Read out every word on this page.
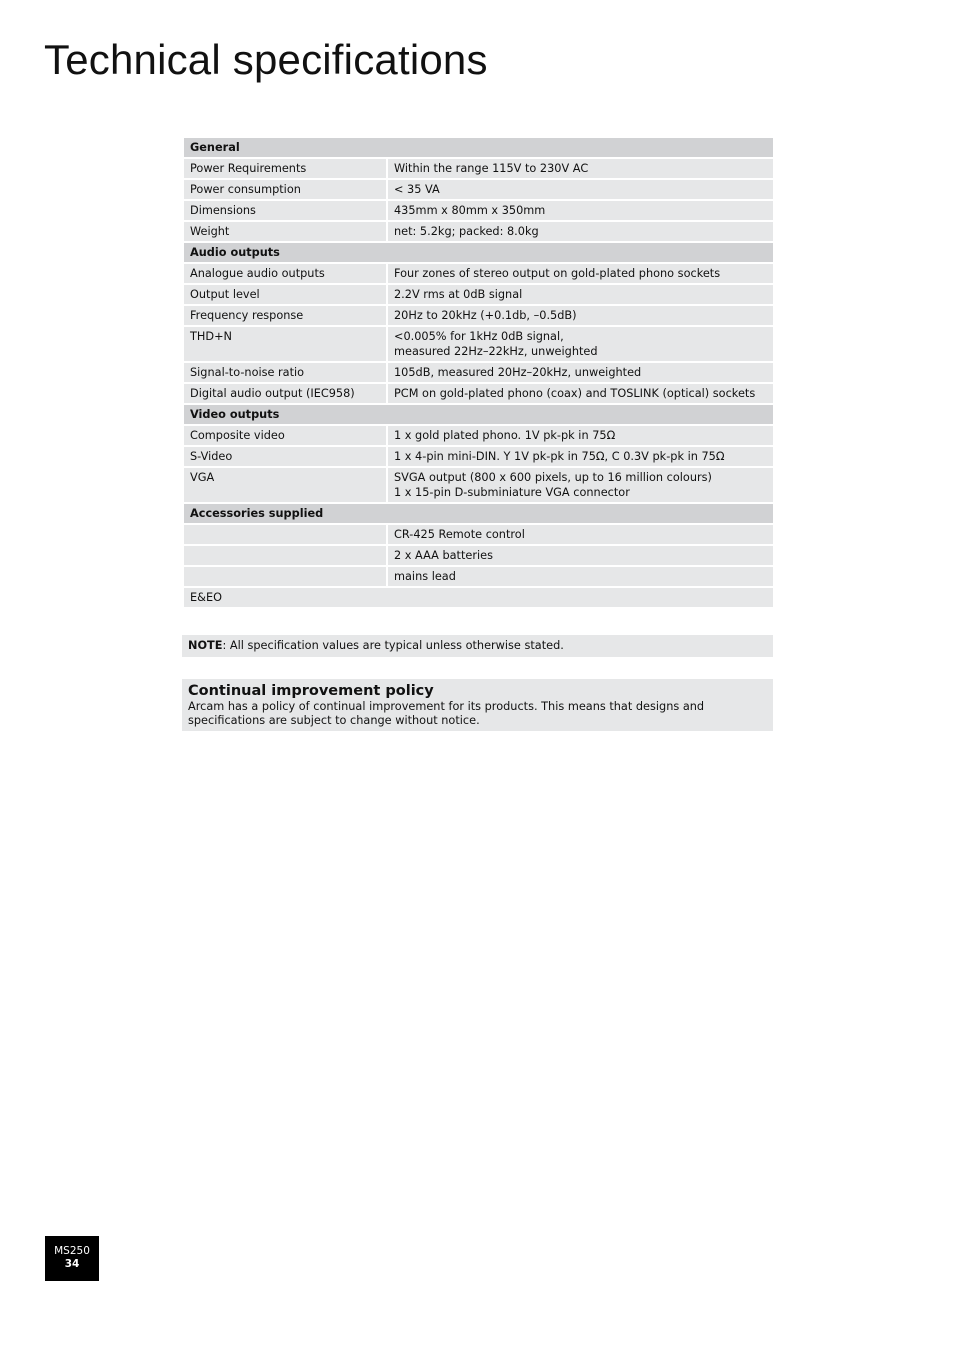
Technical specifications
General	
Power Requirements	Within the range 115V to 230V AC

Power consumption	< 35 VA

Dimensions	435mm x 80mm x 350mm

Weight	net: 5.2kg; packed: 8.0kg

Audio outputs	
Analogue audio outputs	Four zones of stereo output on gold-plated phono sockets

Output level	2.2V rms at 0dB signal

Frequency response	20Hz to 20kHz (+0.1db, –0.5dB)

THD+N	<0.005% for 1kHz 0dB signal,
measured 22Hz–22kHz, unweighted

Signal-to-noise ratio	105dB, measured 20Hz–20kHz, unweighted

Digital audio output (IEC958)	PCM on gold-plated phono (coax) and TOSLINK (optical) sockets

Video outputs	
Composite video	1 x gold plated phono. 1V pk-pk in 75Ω

S-Video	1 x 4-pin mini-DIN. Y 1V pk-pk in 75Ω, C 0.3V pk-pk in 75Ω

VGA	SVGA output (800 x 600 pixels, up to 16 million colours)
1 x 15-pin D-subminiature VGA connector

Accessories supplied	

	CR-425 Remote control

	2 x AAA batteries

	mains lead

E&EO	
NOTE: All specification values are typical unless otherwise stated.
Continual improvement policy
Arcam has a policy of continual improvement for its products. This means that designs and specifications are subject to change without notice.
MS250
34
